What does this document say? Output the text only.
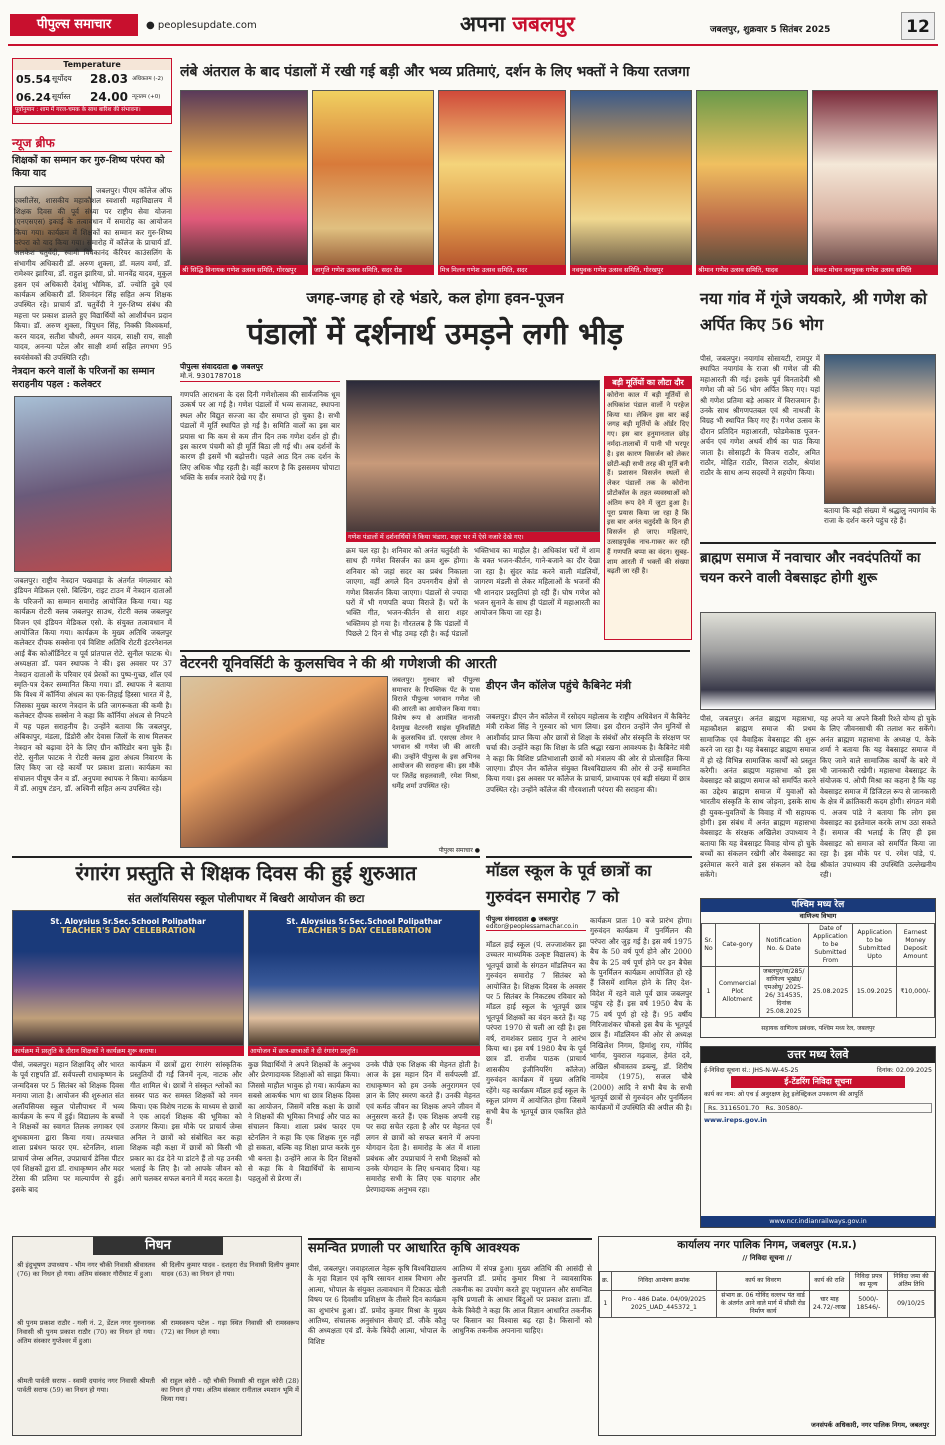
पीपुल्स समाचार	● peoplesupdate.com	अपना जबलपुर	जबलपुर, शुक्रवार 5 सितंबर 2025	12
Temperature
05.54 सूर्योदय	28.03 अधिकतम (-2)
06.24 सूर्यास्त	24.00 न्यूनतम (+0)
पूर्वानुमान : शाम में गरज-चमक के साथ बारिश की संभावना।
न्यूज ब्रीफ
शिक्षकों का सम्मान कर गुरु-शिष्य परंपरा को किया याद
जबलपुर। पीएम कॉलेज ऑफ एक्सीलेंस, शासकीय महाकौशल स्वशासी महाविद्यालय में शिक्षक दिवस की पूर्व संध्या पर राष्ट्रीय सेवा योजना (एनएसएस) इकाई के तत्वावधान में समारोह का आयोजन किया गया। कार्यक्रम में शिक्षकों का सम्मान कर गुरु-शिष्य परंपरा को याद किया गया। समारोह में कॉलेज के प्राचार्य डॉ. अलकेश चतुर्वेदी, स्वामी विवेकानंद कॅरियर काउंसलिंग के संभागीय अधिकारी डॉ. अरुण शुक्ला, डॉ. मलय वर्मा, डॉ. रामेश्वर झारिया, डॉ. राहुल झारिया, प्रो. मानवेंद्र यादव, मुकुल हसन एवं अधिकारी देवांशु भौमिक, डॉ. ज्योति दुबे एवं कार्यक्रम अधिकारी डॉ. शिवनंदन सिंह सहित अन्य शिक्षक उपस्थित रहे। प्राचार्य डॉ. चतुर्वेदी ने गुरु-शिष्य संबंध की महत्ता पर प्रकाश डालते हुए विद्यार्थियों को आशीर्वचन प्रदान किया। डॉ. अरुण शुक्ला, त्रिपुधन सिंह, निक्की विश्वकर्मा, करन यादव, सतीश चौधरी, अमन यादव, साक्षी राय, साक्षी यादव, अनन्या पटेल और साक्षी शर्मा सहित लगभग 95 स्वयंसेवकों की उपस्थिति रही।
नेत्रदान करने वालों के परिजनों का सम्मान सराहनीय पहल : कलेक्टर
जबलपुर। राष्ट्रीय नेत्रदान पखवाड़ा के अंतर्गत मंगलवार को इंडियन मेडिकल एसो. बिल्डिंग, राइट टाउन में नेत्रदान दाताओं के परिजनों का सम्मान समारोह आयोजित किया गया। यह कार्यक्रम रोटरी क्लब जबलपुर साउथ, रोटरी क्लब जबलपुर विजन एवं इंडियन मेडिकल एसो. के संयुक्त तत्वावधान में आयोजित किया गया। कार्यक्रम के मुख्य अतिथि जबलपुर कलेक्टर दीपक सक्सेना एवं विशिष्ट अतिथि रोटरी इंटरनेशनल आई बैंक कोऑर्डिनेटर व पूर्व प्रांतपाल रोटे. सुनील फाटक थे। अध्यक्षता डॉ. पवन स्थापक ने की। इस अवसर पर 37 नेत्रदान दाताओं के परिवार एवं प्रेरकों का पुष्प-गुच्छ, शॉल एवं स्मृति-पत्र देकर सम्मानित किया गया। डॉ. स्थापक ने बताया कि विश्व में कॉर्निया अंधत्व का एक-तिहाई हिस्सा भारत में है, जिसका मुख्य कारण नेत्रदान के प्रति जागरूकता की कमी है। कलेक्टर दीपक सक्सेना ने कहा कि कॉर्निया अंधत्व से निपटने में यह पहल सराहनीय है। उन्होंने बताया कि जबलपुर, अंबिकापुर, मंडला, डिंडोरी और देवास जिलों के साथ मिलकर नेत्रदान को बढ़ावा देने के लिए ग्रीन कॉरिडोर बना चुके हैं। रोटे. सुनील फाटक ने रोटरी क्लब द्वारा अंधत्व निवारण के लिए किए जा रहे कार्यों पर प्रकाश डाला। कार्यक्रम का संचालन पीयूष जैन व डॉ. अनुपमा स्थापक ने किया। कार्यक्रम में डॉ. आयुष टंडन, डॉ. अश्विनी सहित अन्य उपस्थित रहे।
लंबे अंतराल के बाद पंडालों में रखी गई बड़ी और भव्य प्रतिमाएं, दर्शन के लिए भक्तों ने किया रतजगा
श्री सिद्धि विनायक गणेश उत्सव समिति, गोरखपुर	जागृति गणेश उत्सव समिति, सदर रोड	मित्र मिलन गणेश उत्सव समिति, सदर	नवयुवक गणेश उत्सव समिति, गोरखपुर	श्रीमान गणेश उत्सव समिति, यादव	संकट मोचन नवयुवक गणेश उत्सव समिति
जगह-जगह हो रहे भंडारे, कल होगा हवन-पूजन
पंडालों में दर्शनार्थ उमड़ने लगी भीड़
पीपुल्स संवाददाता ● जबलपुर
मो.नं. 9301787018
गणपति आराधना के दस दिनी गणेशोत्सव की सार्वजनिक धूम उत्कर्ष पर आ गई है। गणेश पंडालों में भव्य सजावट, स्थापना स्थल और विद्युत सज्जा का दौर समाप्त हो चुका है। सभी पंडालों में मूर्ति स्थापित हो गई है। समिति वालों का इस बार प्रयास था कि कम से कम तीन दिन तक गणेश दर्शन हो ही। इस कारण पंचमी को ही मूर्ति बिठा ली गई थी। अब दर्शनों के कारण ही इसमें भी बढ़ोत्तरी। पहले आठ दिन तक दर्शन के लिए अधिक भीड़ रहती है। वहीं कारण है कि इससमय चोपाटा भक्ति के सर्वत्र नजारे देखे गए हैं।
गणेश पंडालों में दर्शनार्थियों ने किया भंडारा, शहर भर में ऐसे नजारे देखे गए।
क्रम चल रहा है। शनिवार को अनंत चतुर्दशी के साथ ही गणेश विसर्जन का क्रम शुरू होगा। शनिवार को जहां सदर का प्रबंध निकाला जाएगा, वहीं अगले दिन उपनगरीय क्षेत्रों से गणेश विसर्जन किया जाएगा। पंडालों से ज्यादा घरों में भी गणपति बप्पा विराजे हैं। घरों के भक्ति गीत, भजन-कीर्तन से सारा शहर भक्तिमय हो गया है। गौरतलब है कि पंडालों में पिछले 2 दिन से भीड़ उमड़ रही है। कई पंडालों
भक्तिभाव का माहौल है। अधिकांश घरों में शाम के वक्त भजन-कीर्तन, गाने-बजाने का दौर देखा जा रहा है। सुंदर कांड करने वाली मंडलियों, जागरण मंडली से लेकर महिलाओं के भजनों की भी शानदार प्रस्तुतियां हो रही हैं। घोष गणेश को भजन सुनाने के साथ ही पंडालों में महाआरती का आयोजन किया जा रहा है।
बड़ी मूर्तियों का लौटा दौर
कोरोना काल में बड़ी मूर्तियों से अधिकांश पंडाल वालों ने परहेज किया था। लेकिन इस बार कई जगह बड़ी मूर्तियों के ऑर्डर दिए गए। इस बार हनुमानताल छोड़ नर्मदा-तालाबों में पानी भी भरपूर है। इस कारण विसर्जन को लेकर छोटी-बड़ी सभी तरह की मूर्ति बनी हैं। प्रशासन विसर्जन स्थलों से लेकर पंडालों तक के कोरोना प्रोटोकॉल के तहत व्यवस्थाओं को अंतिम रूप देने में जुटा हुआ है। पूरा प्रयास किया जा रहा है कि इस बार अनंत चतुर्दशी के दिन ही विसर्जन हो जाए। महिलाएं, उत्साहपूर्वक नाच-गाकर कर रही हैं गणपति बप्पा का वंदन। सुबह-शाम आरती में भक्तों की संख्या बढ़ती जा रही है।
नया गांव में गूंजे जयकारे, श्री गणेश को अर्पित किए 56 भोग
पीसं, जबलपुर। नयागांव सोसायटी, रामपुर में स्थापित नयागांव के राजा श्री गणेश जी की महाआरती की गई। इसके पूर्व विनतादेवी श्री गणेश जी को 56 भोग अर्पित किए गए। यहां श्री गणेश प्रतिमा बड़े आकार में विराजमान हैं। उनके साथ श्रीगणपतबल एवं श्री नाथजी के विग्रह भी स्थापित किए गए हैं। गणेश उत्सव के दौरान प्रतिदिन महाआरती, फोडमेकाष्ठ पूजन-अर्चन एवं गणेश अथर्व शीर्ष का पाठ किया जाता है। सोसाइटी के विजय राठौर, अमित राठौर, मोहित राठौर, विराज राठौर, श्रेयांश राठौर के साथ अन्य सदस्यों ने सहयोग किया।
बताया कि बड़ी संख्या में श्रद्धालु नयागांव के राजा के दर्शन करने पहुंच रहे हैं।
ब्राह्मण समाज में नवाचार और नवदंपतियों का चयन करने वाली वेबसाइट होगी शुरू
पीसं, जबलपुर। अनंत ब्राह्मण महासभा, महाकौशल ब्राह्मण समाज की प्रथम सामाजिक एवं वैवाहिक वेबसाइट की शुरू करने जा रहा है। यह वेबसाइट ब्राह्मण समाज में हो रहे विभिन्न सामाजिक कार्यों को प्रस्तुत करेगी। अनंत ब्राह्मण महासभा को इस वेबसाइट को ब्राह्मण समाज को समर्पित करने का उद्देश्य ब्राह्मण समाज में युवाओं को भारतीय संस्कृति के साथ जोड़ना, इसके साथ ही युवक-युवतियों के विवाह में भी सहायक होगी। इस संबंध में अनंत ब्राह्मण महासभा वेबसाइट के संरक्षक अखिलेश उपाध्याय ने बताया कि यह वेबसाइट विवाह योग्य हो चुके बच्चों का संकलन रखेगी और वेबसाइट का इस्तेमाल करने वाले इस संकलन को देख सकेंगे।
यह अपने या अपने किसी रिश्ते योग्य हो चुके के लिए जीवनसाथी की तलाश कर सकेंगे। अनंत ब्राह्मण महासभा के अध्यक्ष पं. केके शर्मा ने बताया कि यह वेबसाइट समाज में किए जाने वाले सामाजिक कार्यों के बारे में भी जानकारी रखेगी। महासभा वेबसाइट के संयोजक पं. ओपी मिश्रा का कहना है कि यह वेबसाइट समाज में डिजिटल रूप से जानकारी के क्षेत्र में क्रांतिकारी कदम होगी। संगठन मंत्री पं. अजय पांडे ने बताया कि लोग इस वेबसाइट का इस्तेमाल करके लाभ उठा सकते हैं। समाज की भलाई के लिए ही इस वेबसाइट को समाज को समर्पित किया जा रहा है। इस मौके पर पं. रमेश पांडे, पं. श्रीकांत उपाध्याय की उपस्थिति उल्लेखनीय रही।
वेटरनरी यूनिवर्सिटी के कुलसचिव ने की श्री गणेशजी की आरती
जबलपुर। गुरुवार को पीपुल्स समाचार के रिपब्लिक पेंट के पास विराजे पीपुल्स भगवान गणेश जी की आरती का आयोजन किया गया। विशेष रूप से आमंत्रित नानाजी देशमुख वेटरनरी साइंस यूनिवर्सिटी के कुलसचिव डॉ. एसएस तोमर ने भगवान श्री गणेश जी की आरती की। उन्होंने पीपुल्स के इस अभिनव आयोजन की सराहना की। इस मौके पर जितेंद्र सहलवाली, रमेश मिश्रा, धर्मेंद्र शर्मा उपस्थित रहे।
पीपुल्स समाचार ●
डीएन जैन कॉलेज पहुंचे कैबिनेट मंत्री
जबलपुर। डीएन जैन कॉलेज में रसोदय महोत्सव के राष्ट्रीय अधिवेशन में कैबिनेट मंत्री राकेश सिंह ने गुरुवार को भाग लिया। इस दौरान उन्होंने जैन मुनियों से आशीर्वाद प्राप्त किया और छात्रों से शिक्षा के संबंधों और संस्कृति के संरक्षण पर चर्चा की। उन्होंने कहा कि शिक्षा के प्रति श्रद्धा रखना आवश्यक है। कैबिनेट मंत्री ने कहा कि विशिष्ट प्रतिभाशाली छात्रों को मंत्रालय की ओर से प्रोत्साहित किया जाएगा। डीएन जैन कॉलेज संयुक्त विश्वविद्यालय की ओर से उन्हें सम्मानित किया गया। इस अवसर पर कॉलेज के प्राचार्य, प्राध्यापक एवं बड़ी संख्या में छात्र उपस्थित रहे। उन्होंने कॉलेज की गौरवशाली परंपरा की सराहना की।
रंगारंग प्रस्तुति से शिक्षक दिवस की हुई शुरुआत
संत अलॉयसियस स्कूल पोलीपाथर में बिखरी आयोजन की छटा
St. Aloysius Sr.Sec.School Polipathar
TEACHER'S DAY CELEBRATION
कार्यक्रम में प्रस्तुति के दौरान शिक्षकों ने कार्यक्रम शुरू कराया।
St. Aloysius Sr.Sec.School Polipathar
TEACHER'S DAY CELEBRATION
आयोजन में छात्र-छात्राओं ने दी रंगारंग प्रस्तुति।
पीसं, जबलपुर। महान शिक्षाविद् और भारत के पूर्व राष्ट्रपति डॉ. सर्वपल्ली राधाकृष्णन के जन्मदिवस पर 5 सितंबर को शिक्षक दिवस मनाया जाता है। आयोजन की शुरुआत संत अलॉयसियस स्कूल पोलीपाथर में भव्य कार्यक्रम के रूप में हुई। विद्यालय के बच्चों ने शिक्षकों का स्वागत तिलक लगाकर एवं शुभकामना द्वारा किया गया। तत्पश्चात शाला प्रबंधन फादर एम. स्टेनलिन, शाला प्राचार्य जेम्स अनिल, उपप्राचार्य डेनिस पीटर एवं शिक्षकों द्वारा डॉ. राधाकृष्णन और मदर टेरेसा की प्रतिमा पर माल्यार्पण से हुई। इसके बाद
कार्यक्रम में छात्रों द्वारा रंगारंग सांस्कृतिक प्रस्तुतियों दी गईं जिनमें नृत्य, नाटक और गीत शामिल थे। छात्रों ने संस्कृत श्लोकों का सस्वर पाठ कर समस्त शिक्षकों को नमन किया। एक विशेष नाटक के माध्यम से छात्रों ने एक आदर्श शिक्षक की भूमिका को उजागर किया। इस मौके पर प्राचार्य जेम्स अनिल ने छात्रों को संबोधित कर कहा शिक्षक वही कक्षा में छात्रों को किसी भी प्रकार का दंड देने या डांटने हैं तो यह उनकी भलाई के लिए है। जो आपके जीवन को आगे चलकर सफल बनाने में मदद करता है।
कुछ विद्यार्थियों ने अपने शिक्षकों के अनुभव और प्रेरणादायक शिक्षाओं को साझा किया। जिससे माहौल भावुक हो गया। कार्यक्रम का सबसे आकर्षक भाग था छात्र शिक्षक दिवस का आयोजन, जिसमें वरिष्ठ कक्षा के छात्रों ने शिक्षकों की भूमिका निभाई और पाठ का संचालन किया। शाला प्रबंध फादर एम स्टेनलिन ने कहा कि एक शिक्षक गुरु नहीं हो सकता, बल्कि वह शिक्षा प्राप्त करके गुरु भी बनता है। उन्होंने आज के दिन शिक्षकों से कहा कि वे विद्यार्थियों के सामान्य पहलुओं से प्रेरणा लें।
उनके पीछे एक शिक्षक की मेहनत होती है। आज के इस महान दिन में सर्वपल्ली डॉ. राधाकृष्णन को हम उनके अनुरागमन एवं ज्ञान के लिए स्मरण करते हैं। उनकी मेहनत एवं कर्मठ जीवन का शिक्षक अपने जीवन में अनुसरण करते हैं। एक शिक्षक अपनी राह पर सदा सचेत रहता है और पर मेहनत एवं लगन से छात्रों को सफल बनाने में अपना योगदान देता है। समारोह के अंत में शाला प्रबंधक और उपप्राचार्य ने सभी शिक्षकों को उनके योगदान के लिए धन्यवाद दिया। यह समारोह सभी के लिए एक यादगार और प्रेरणादायक अनुभव रहा।
मॉडल स्कूल के पूर्व छात्रों का गुरुवंदन समारोह 7 को
पीपुल्स संवाददाता ● जबलपुर
editor@peoplessamachar.co.in
मॉडल हाई स्कूल (पं. लज्जाशंकर झा उच्चतर माध्यमिक उत्कृष्ट विद्यालय) के भूतपूर्व छात्रों के संगठन मॉडलियन का गुरुवंदन समारोह 7 सितंबर को आयोजित है। शिक्षक दिवस के अवसर पर 5 सितंबर के निकटस्थ रविवार को मॉडल हाई स्कूल के भूतपूर्व छात्र भूतपूर्व शिक्षकों का वंदन करते हैं। यह परंपरा 1970 से चली आ रही है। इस वर्ष, रामशंकर प्रसाद गुप्त ने आरंभ किया था। इस वर्ष 1980 बैच के पूर्व छात्र डॉ. राजीव पाठक (प्राचार्य शासकीय इंजीनियरिंग कॉलेज) गुरुवंदन कार्यक्रम में मुख्य अतिथि रहेंगे। यह कार्यक्रम मॉडल हाई स्कूल के स्कूल प्रांगण में आयोजित होगा जिसमें सभी बैच के भूतपूर्व छात्र एकत्रित होते हैं।
कार्यक्रम प्रातः 10 बजे प्रारंभ होगा। गुरुवंदन कार्यक्रम में पुनर्मिलन की परंपरा और जुड़ गई है। इस वर्ष 1975 बैच के 50 वर्ष पूर्ण होने और 2000 बैच के 25 वर्ष पूर्ण होने पर इन बैचेस के पुनर्मिलन कार्यक्रम आयोजित हो रहे हैं जिसमें शामिल होने के लिए देश-विदेश में रहने वाले पूर्व छात्र जबलपुर पहुंच रहे हैं। इस वर्ष 1950 बैच के 75 वर्ष पूर्ण हो रहे हैं। 95 वर्षीय गिरिजाशंकर चौकसे इस बैच के भूतपूर्व छात्र हैं। मॉडलियन की ओर से अध्यक्ष निखिलेश निगम, हिमांशु राय, गोविंद भार्गव, युवराज गढ़वाल, हेमंत दवे, अखिल श्रीवास्तव डब्ल्यू, डॉ. शिरीष नामदेव (1975), सजल चौबे (2000) आदि ने सभी बैच के सभी भूतपूर्व छात्रों से गुरुवंदन और पुनर्मिलन कार्यक्रमों में उपस्थिति की अपील की है।
पश्चिम मध्य रेल
वाणिज्य विभाग
Sr. No	Cate-gory	Notification No. & Date	Date of Application to be Submitted From	Application to be Submitted Upto	Earnest Money Deposit Amount
1	Commercial Plot Allotment	जबलपुर/वा/285/ वाणिज्य भूखंड/एमओयू/ 2025-26/ 314535, दिनांक 25.08.2025	25.08.2025	15.09.2025	₹10,000/-
सहायक वाणिज्य प्रबंधक, पश्चिम मध्य रेल, जबलपुर
उत्तर मध्य रेलवे
ई-निविदा सूचना सं.: JHS-N-W-45-25	दिनांक: 02.09.2025
ई-टेंडरिंग निविदा सूचना
कार्य का नाम: ओ एच ई अनुरक्षण हेतु इलेक्ट्रिकल उपकरण की आपूर्ति
Rs. 3116501.70 Rs. 30580/-
www.ireps.gov.in
www.ncr.indianrailways.gov.in
निधन
श्री इंदुभूषण उपाध्याय - भीम नगर चौकी निवासी श्रीवास्तव (76) का निधन हो गया। अंतिम संस्कार गौरीघाट में हुआ।
श्री पुनम प्रकाश राठौर - गली नं. 2, डेंटल नगर गुरुनानक निवासी श्री पुनम प्रकाश राठौर (70) का निधन हो गया। अंतिम संस्कार गुप्तेश्वर में हुआ।
श्रीमती पार्वती सराफ - स्वामी दयानंद नगर निवासी श्रीमती पार्वती सराफ (59) का निधन हो गया।
श्री दिलीप कुमार यादव - दशहरा रोड निवासी दिलीप कुमार यादव (63) का निधन हो गया।
श्री रामस्वरूप पटेल - गढ़ा स्थित निवासी श्री रामस्वरूप (72) का निधन हो गया।
श्री राहुल कोरी - रद्दी चौकी निवासी श्री राहुल कोरी (28) का निधन हो गया। अंतिम संस्कार रानीताल श्मशान भूमि में किया गया।
समन्वित प्रणाली पर आधारित कृषि आवश्यक
पीसं, जबलपुर। जवाहरलाल नेहरू कृषि विश्वविद्यालय के मृदा विज्ञान एवं कृषि रसायन शास्त्र विभाग और आत्मा, भोपाल के संयुक्त तत्वावधान में टिकाऊ खेती विषय पर 6 दिवसीय प्रशिक्षण के तीसरे दिन कार्यक्रम का शुभारंभ हुआ। डॉ. प्रमोद कुमार मिश्रा के मुख्य आतिथ्य, संचालक अनुसंधान सेवाएं डॉ. जीके कौतु की अध्यक्षता एवं डॉ. केके त्रिवेदी आत्मा, भोपाल के विशिष्ट
आतिथ्य में संपन्न हुआ। मुख्य अतिथि की आसंदी से कुलपति डॉ. प्रमोद कुमार मिश्रा ने व्यावसायिक तकनीक का उपयोग करते हुए पशुपालन और समन्वित कृषि प्रणाली के आधार बिंदुओं पर प्रकाश डाला। डॉ. केके त्रिवेदी ने कहा कि आज विज्ञान आधारित तकनीक पर किसान का विश्वास बढ़ रहा है। किसानों को आधुनिक तकनीक अपनाना चाहिए।
कार्यालय नगर पालिक निगम, जबलपुर (म.प्र.)
// निविदा सूचना //
क्र.	निविदा आमंत्रण क्रमांक	कार्य का विवरण	कार्य की राशि	निविदा प्रपत्र का मूल्य	निविदा जमा की अंतिम तिथि
1	Pro - 486 Date. 04/09/2025 2025_UAD_445372_1	संभाग क्र. 06 गोविंद वल्लभ पंत वार्ड के अंतर्गत आने वाले मार्ग में सीसी रोड निर्माण कार्य	चार माह 24.72/-लाख	5000/- 18546/-	09/10/25
जनसंपर्क अधिकारी, नगर पालिक निगम, जबलपुर
